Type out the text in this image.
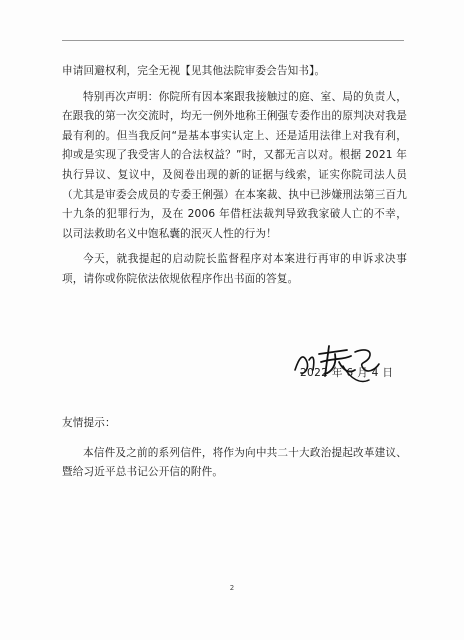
申请回避权利，完全无视【见其他法院审委会告知书】。

特别再次声明：你院所有因本案跟我接触过的庭、室、局的负责人，在跟我的第一次交流时，均无一例外地称王俐强专委作出的原判决对我是最有利的。但当我反问“是基本事实认定上、还是适用法律上对我有利，抑或是实现了我受害人的合法权益？”时，又都无言以对。根据 2021 年执行异议、复议中，及阅卷出现的新的证据与线索，证实你院司法人员（尤其是审委会成员的专委王俐强）在本案裁、执中已涉嫌刑法第三百九十九条的犯罪行为，及在 2006 年借枉法裁判导致我家破人亡的不幸，以司法救助名义中饱私囊的泯灭人性的行为！

今天，就我提起的启动院长监督程序对本案进行再审的申诉求决事项，请你或你院依法依规依程序作出书面的答复。

2022 年 6 月 4 日

友情提示：

本信件及之前的系列信件，将作为向中共二十大政治提起改革建议、暨给习近平总书记公开信的附件。

2
